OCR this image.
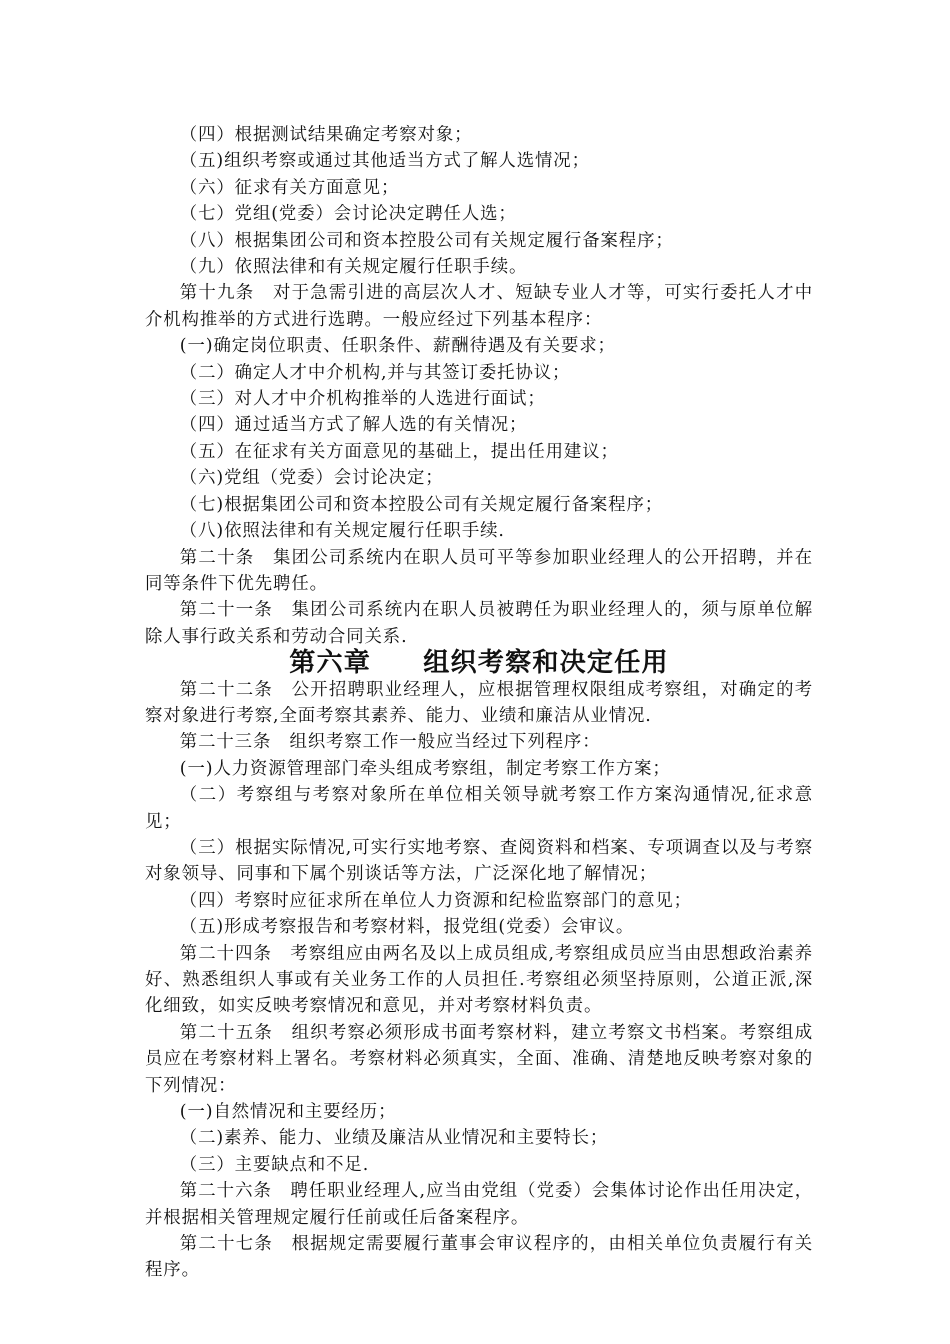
（四）根据测试结果确定考察对象；

（五)组织考察或通过其他适当方式了解人选情况；

（六）征求有关方面意见；

（七）党组(党委）会讨论决定聘任人选；

（八）根据集团公司和资本控股公司有关规定履行备案程序；

（九）依照法律和有关规定履行任职手续。

第十九条　对于急需引进的高层次人才、短缺专业人才等，可实行委托人才中介机构推举的方式进行选聘。一般应经过下列基本程序：

(一)确定岗位职责、任职条件、薪酬待遇及有关要求；

（二）确定人才中介机构,并与其签订委托协议；

（三）对人才中介机构推举的人选进行面试；

（四）通过适当方式了解人选的有关情况；

（五）在征求有关方面意见的基础上，提出任用建议；

（六)党组（党委）会讨论决定；

（七)根据集团公司和资本控股公司有关规定履行备案程序；

（八)依照法律和有关规定履行任职手续.

第二十条　集团公司系统内在职人员可平等参加职业经理人的公开招聘，并在同等条件下优先聘任。

第二十一条　集团公司系统内在职人员被聘任为职业经理人的，须与原单位解除人事行政关系和劳动合同关系.

第六章 组织考察和决定任用

第二十二条　公开招聘职业经理人，应根据管理权限组成考察组，对确定的考察对象进行考察,全面考察其素养、能力、业绩和廉洁从业情况.

第二十三条　组织考察工作一般应当经过下列程序：

(一)人力资源管理部门牵头组成考察组，制定考察工作方案；

（二）考察组与考察对象所在单位相关领导就考察工作方案沟通情况,征求意见；

（三）根据实际情况,可实行实地考察、查阅资料和档案、专项调查以及与考察对象领导、同事和下属个别谈话等方法，广泛深化地了解情况；

（四）考察时应征求所在单位人力资源和纪检监察部门的意见；

（五)形成考察报告和考察材料，报党组(党委）会审议。

第二十四条　考察组应由两名及以上成员组成,考察组成员应当由思想政治素养好、熟悉组织人事或有关业务工作的人员担任.考察组必须坚持原则，公道正派,深化细致，如实反映考察情况和意见，并对考察材料负责。

第二十五条　组织考察必须形成书面考察材料，建立考察文书档案。考察组成员应在考察材料上署名。考察材料必须真实，全面、准确、清楚地反映考察对象的下列情况：

(一)自然情况和主要经历；

（二)素养、能力、业绩及廉洁从业情况和主要特长；

（三）主要缺点和不足.

第二十六条　聘任职业经理人,应当由党组（党委）会集体讨论作出任用决定，并根据相关管理规定履行任前或任后备案程序。

第二十七条　根据规定需要履行董事会审议程序的，由相关单位负责履行有关程序。
